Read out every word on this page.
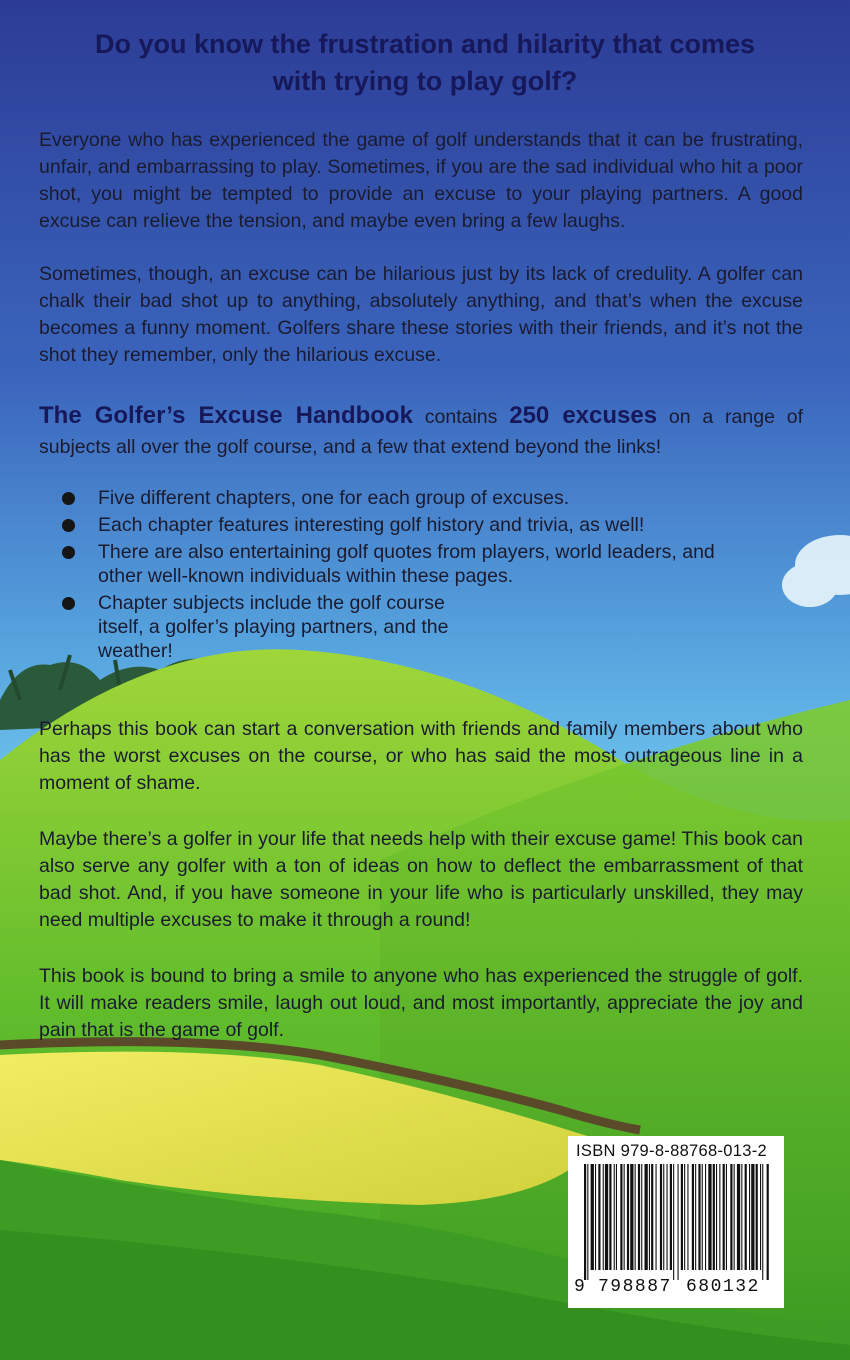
Do you know the frustration and hilarity that comes
with trying to play golf?

Everyone who has experienced the game of golf understands that it can be frustrating, unfair, and embarrassing to play. Sometimes, if you are the sad individual who hit a poor shot, you might be tempted to provide an excuse to your playing partners. A good excuse can relieve the tension, and maybe even bring a few laughs.

Sometimes, though, an excuse can be hilarious just by its lack of credulity. A golfer can chalk their bad shot up to anything, absolutely anything, and that’s when the excuse becomes a funny moment. Golfers share these stories with their friends, and it’s not the shot they remember, only the hilarious excuse.

The Golfer’s Excuse Handbook contains 250 excuses on a range of subjects all over the golf course, and a few that extend beyond the links!

Five different chapters, one for each group of excuses.
Each chapter features interesting golf history and trivia, as well!
There are also entertaining golf quotes from players, world leaders, and other well-known individuals within these pages.
Chapter subjects include the golf course itself, a golfer’s playing partners, and the weather!

Perhaps this book can start a conversation with friends and family members about who has the worst excuses on the course, or who has said the most outrageous line in a moment of shame.

Maybe there’s a golfer in your life that needs help with their excuse game! This book can also serve any golfer with a ton of ideas on how to deflect the embarrassment of that bad shot. And, if you have someone in your life who is particularly unskilled, they may need multiple excuses to make it through a round!

This book is bound to bring a smile to anyone who has experienced the struggle of golf. It will make readers smile, laugh out loud, and most importantly, appreciate the joy and pain that is the game of golf.

ISBN 979-8-88768-013-2
9 798887 680132
